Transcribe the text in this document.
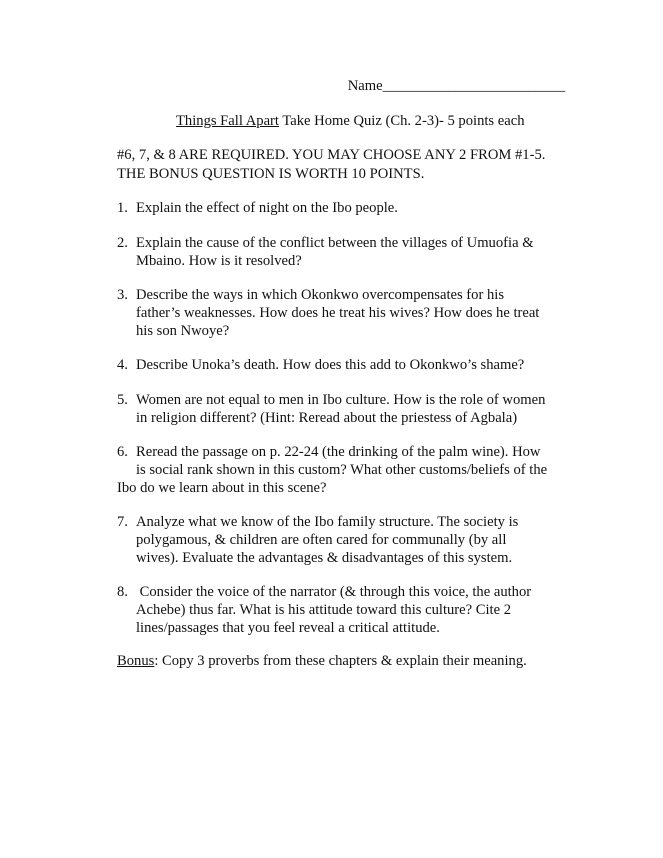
Name_________________________
Things Fall Apart Take Home Quiz (Ch. 2-3)- 5 points each
#6, 7, & 8 ARE REQUIRED. YOU MAY CHOOSE ANY 2 FROM #1-5.
THE BONUS QUESTION IS WORTH 10 POINTS.
1. Explain the effect of night on the Ibo people.
2. Explain the cause of the conflict between the villages of Umuofia &
Mbaino. How is it resolved?
3. Describe the ways in which Okonkwo overcompensates for his
father’s weaknesses. How does he treat his wives? How does he treat
his son Nwoye?
4. Describe Unoka’s death. How does this add to Okonkwo’s shame?
5. Women are not equal to men in Ibo culture. How is the role of women
in religion different? (Hint: Reread about the priestess of Agbala)
6. Reread the passage on p. 22-24 (the drinking of the palm wine). How
is social rank shown in this custom? What other customs/beliefs of the
Ibo do we learn about in this scene?
7. Analyze what we know of the Ibo family structure. The society is
polygamous, & children are often cared for communally (by all
wives). Evaluate the advantages & disadvantages of this system.
8. Consider the voice of the narrator (& through this voice, the author
Achebe) thus far. What is his attitude toward this culture? Cite 2
lines/passages that you feel reveal a critical attitude.
Bonus: Copy 3 proverbs from these chapters & explain their meaning.
